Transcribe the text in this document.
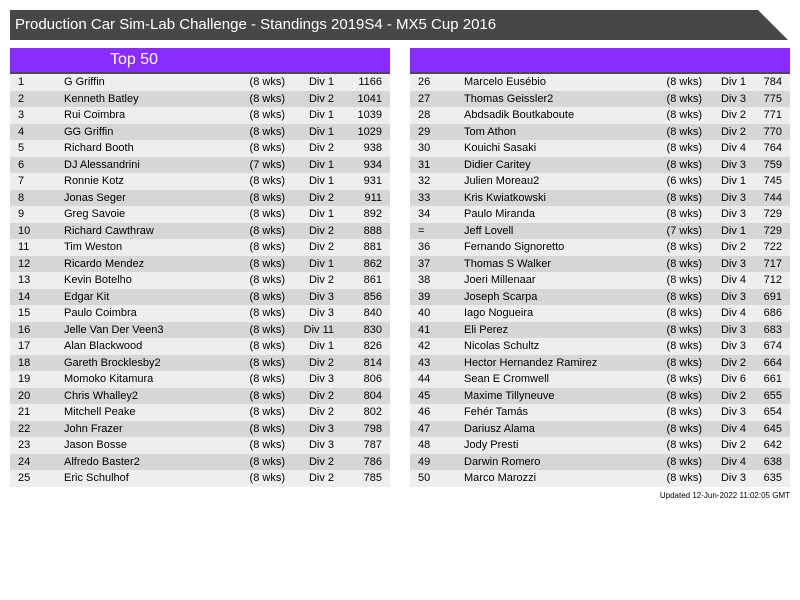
Production Car Sim-Lab Challenge - Standings 2019S4 - MX5 Cup 2016
Top 50
1	G Griffin	(8 wks)	Div 1	1166
2	Kenneth Batley	(8 wks)	Div 2	1041
3	Rui Coimbra	(8 wks)	Div 1	1039
4	GG Griffin	(8 wks)	Div 1	1029
5	Richard Booth	(8 wks)	Div 2	938
6	DJ Alessandrini	(7 wks)	Div 1	934
7	Ronnie Kotz	(8 wks)	Div 1	931
8	Jonas Seger	(8 wks)	Div 2	911
9	Greg Savoie	(8 wks)	Div 1	892
10	Richard Cawthraw	(8 wks)	Div 2	888
11	Tim Weston	(8 wks)	Div 2	881
12	Ricardo Mendez	(8 wks)	Div 1	862
13	Kevin Botelho	(8 wks)	Div 2	861
14	Edgar Kit	(8 wks)	Div 3	856
15	Paulo Coimbra	(8 wks)	Div 3	840
16	Jelle Van Der Veen3	(8 wks)	Div 11	830
17	Alan Blackwood	(8 wks)	Div 1	826
18	Gareth Brocklesby2	(8 wks)	Div 2	814
19	Momoko Kitamura	(8 wks)	Div 3	806
20	Chris Whalley2	(8 wks)	Div 2	804
21	Mitchell Peake	(8 wks)	Div 2	802
22	John Frazer	(8 wks)	Div 3	798
23	Jason Bosse	(8 wks)	Div 3	787
24	Alfredo Baster2	(8 wks)	Div 2	786
25	Eric Schulhof	(8 wks)	Div 2	785
26	Marcelo Eusébio	(8 wks)	Div 1	784
27	Thomas Geissler2	(8 wks)	Div 3	775
28	Abdsadik Boutkaboute	(8 wks)	Div 2	771
29	Tom Athon	(8 wks)	Div 2	770
30	Kouichi Sasaki	(8 wks)	Div 4	764
31	Didier Caritey	(8 wks)	Div 3	759
32	Julien Moreau2	(6 wks)	Div 1	745
33	Kris Kwiatkowski	(8 wks)	Div 3	744
34	Paulo Miranda	(8 wks)	Div 3	729
=	Jeff Lovell	(7 wks)	Div 1	729
36	Fernando Signoretto	(8 wks)	Div 2	722
37	Thomas S Walker	(8 wks)	Div 3	717
38	Joeri Millenaar	(8 wks)	Div 4	712
39	Joseph Scarpa	(8 wks)	Div 3	691
40	Iago Nogueira	(8 wks)	Div 4	686
41	Eli Perez	(8 wks)	Div 3	683
42	Nicolas Schultz	(8 wks)	Div 3	674
43	Hector Hernandez Ramirez	(8 wks)	Div 2	664
44	Sean E Cromwell	(8 wks)	Div 6	661
45	Maxime Tillyneuve	(8 wks)	Div 2	655
46	Fehér Tamás	(8 wks)	Div 3	654
47	Dariusz Alama	(8 wks)	Div 4	645
48	Jody Presti	(8 wks)	Div 2	642
49	Darwin Romero	(8 wks)	Div 4	638
50	Marco Marozzi	(8 wks)	Div 3	635
Updated 12-Jun-2022 11:02:05 GMT
